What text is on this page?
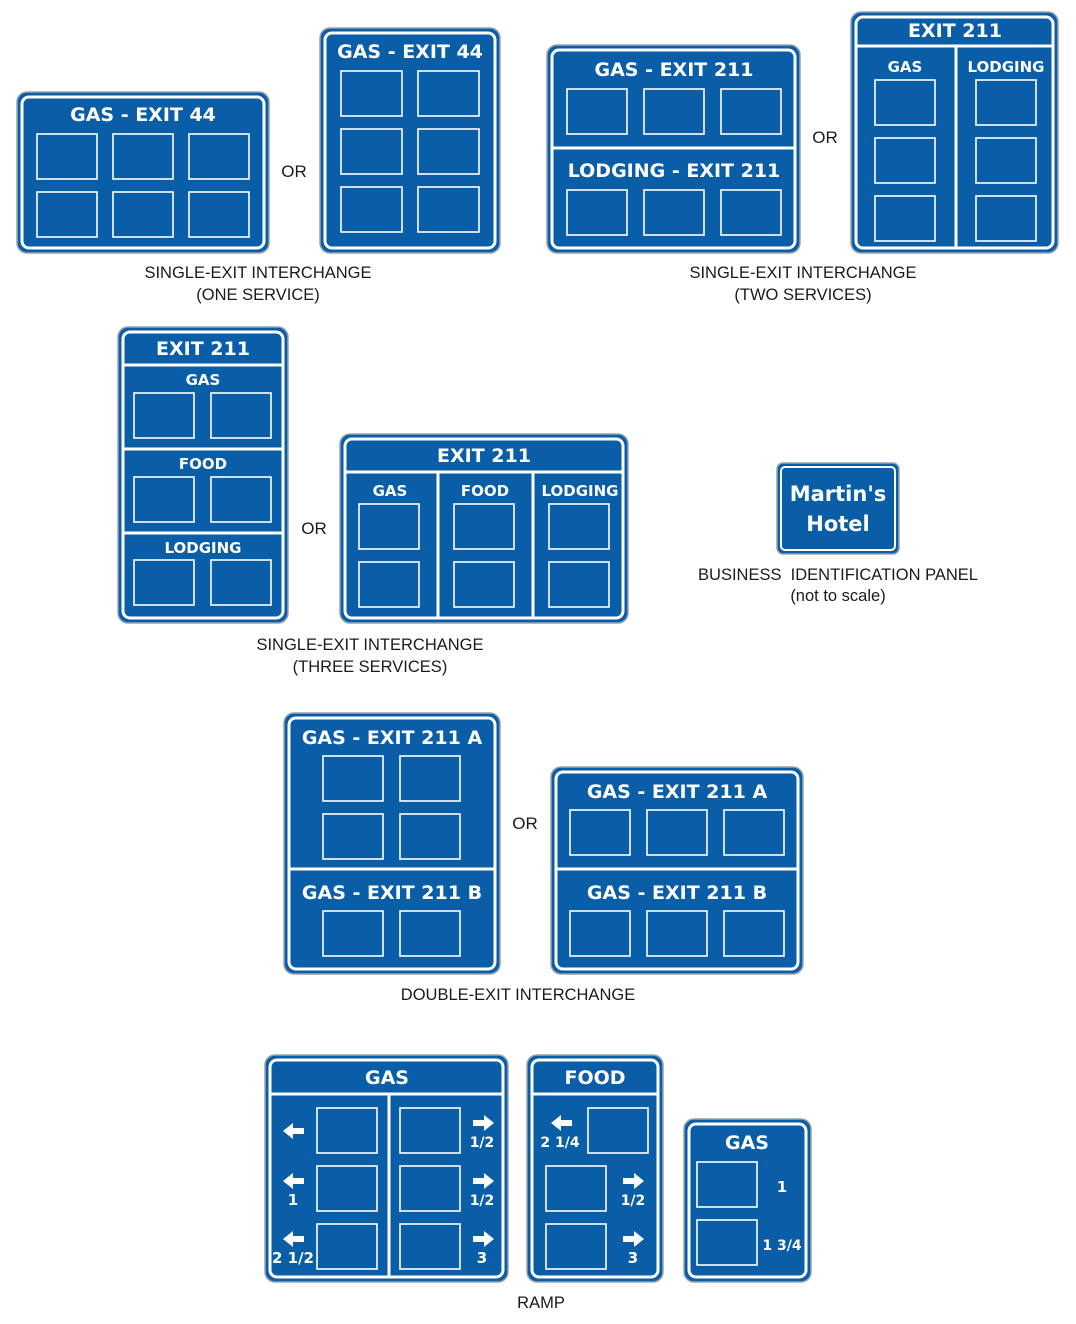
GAS - EXIT 44
OR
GAS - EXIT 44
SINGLE-EXIT INTERCHANGE
(ONE SERVICE)
GAS - EXIT 211
LODGING - EXIT 211
OR
EXIT 211
GAS	LODGING
SINGLE-EXIT INTERCHANGE
(TWO SERVICES)
EXIT 211
GAS
FOOD
LODGING
OR
EXIT 211
GAS	FOOD LODGING
SINGLE-EXIT INTERCHANGE
(THREE SERVICES)
Martin's
Hotel
BUSINESS  IDENTIFICATION PANEL
(not to scale)
GAS - EXIT 211 A
GAS - EXIT 211 B
OR
GAS - EXIT 211 A
GAS - EXIT 211 B
DOUBLE-EXIT INTERCHANGE
GAS
1
2 1/2
1/2
1/2
3
FOOD
2 1/4
1/2
3
GAS
1
1 3/4
RAMP
